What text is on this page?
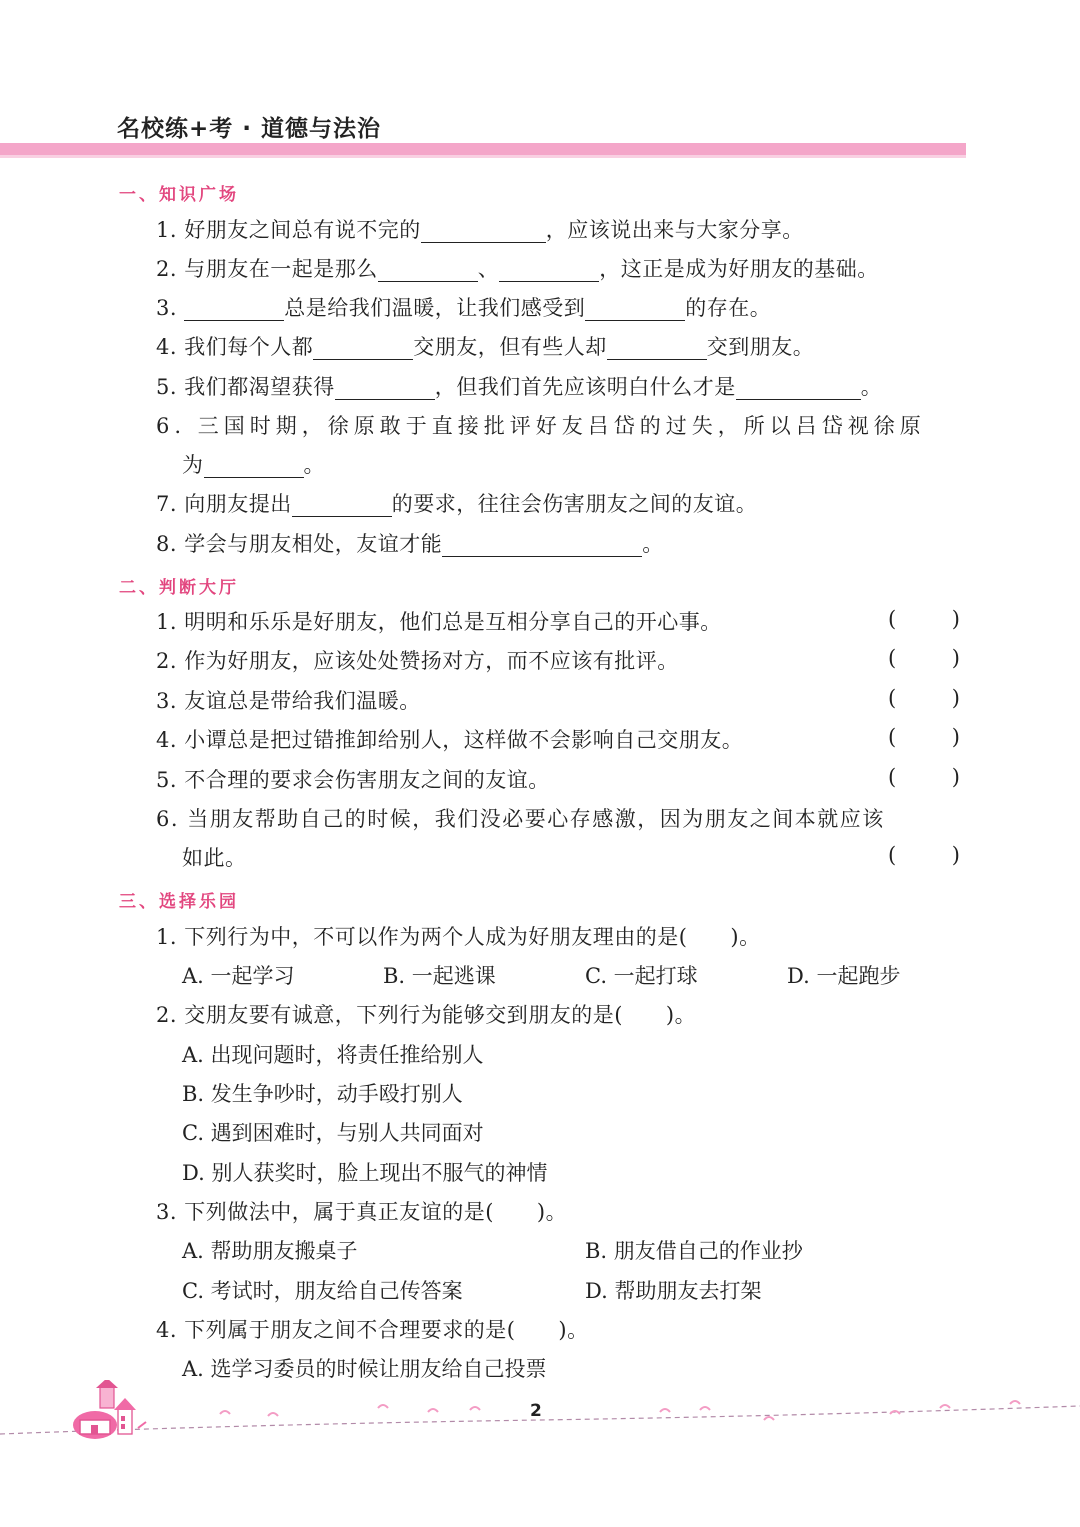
名校练+考 · 道德与法治
一、知识广场
1. 好朋友之间总有说不完的	，应该说出来与大家分享。
2. 与朋友在一起是那么	、	，这正是成为好朋友的基础。
3.	总是给我们温暖，让我们感受到	的存在。
4. 我们每个人都	交朋友，但有些人却	交到朋友。
5. 我们都渴望获得	，但我们首先应该明白什么才是	。
6. 三国时期，徐原敢于直接批评好友吕岱的过失，所以吕岱视徐原
为	。
7. 向朋友提出	的要求，往往会伤害朋友之间的友谊。
8. 学会与朋友相处，友谊才能	。
二、判断大厅
1. 明明和乐乐是好朋友，他们总是互相分享自己的开心事。	(	)
2. 作为好朋友，应该处处赞扬对方，而不应该有批评。	(	)
3. 友谊总是带给我们温暖。	(	)
4. 小谭总是把过错推卸给别人，这样做不会影响自己交朋友。	(	)
5. 不合理的要求会伤害朋友之间的友谊。	(	)
6. 当朋友帮助自己的时候，我们没必要心存感激，因为朋友之间本就应该
如此。	(	)
三、选择乐园
1. 下列行为中，不可以作为两个人成为好朋友理由的是(　　)。
A. 一起学习	B. 一起逃课	C. 一起打球	D. 一起跑步
2. 交朋友要有诚意，下列行为能够交到朋友的是(　　)。
A. 出现问题时，将责任推给别人
B. 发生争吵时，动手殴打别人
C. 遇到困难时，与别人共同面对
D. 别人获奖时，脸上现出不服气的神情
3. 下列做法中，属于真正友谊的是(　　)。
A. 帮助朋友搬桌子	B. 朋友借自己的作业抄
C. 考试时，朋友给自己传答案	D. 帮助朋友去打架
4. 下列属于朋友之间不合理要求的是(　　)。
A. 选学习委员的时候让朋友给自己投票
2
